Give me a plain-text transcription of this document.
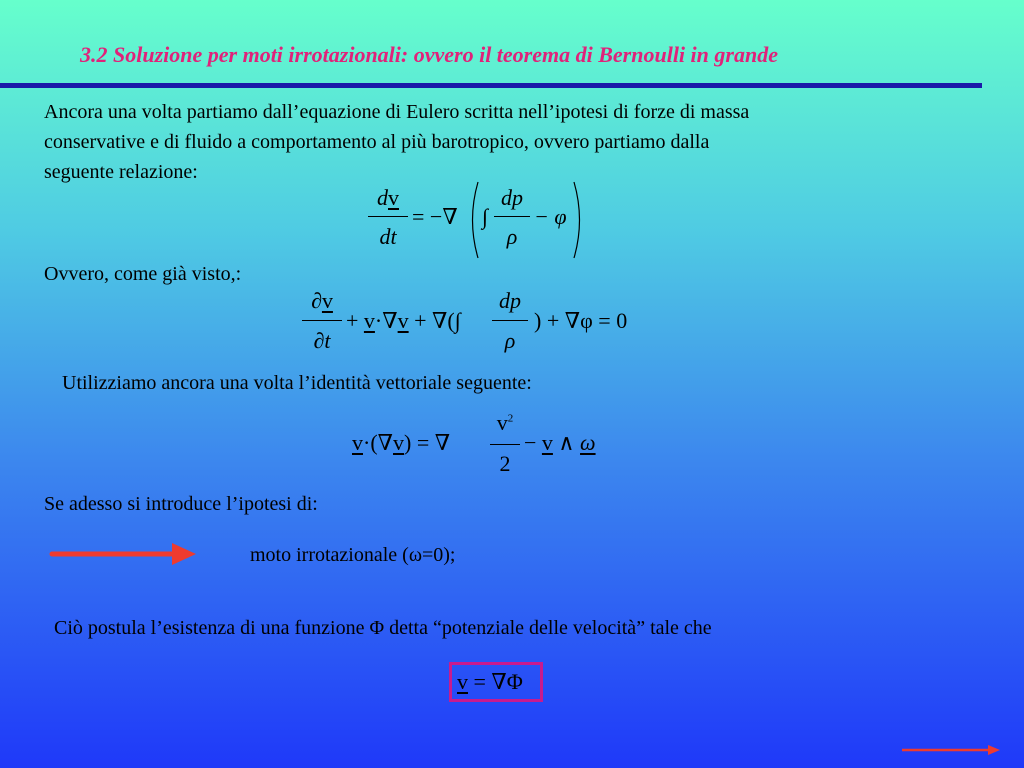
3.2 Soluzione per moti irrotazionali: ovvero il teorema di Bernoulli in grande
Ancora una volta partiamo dall’equazione di Eulero scritta nell’ipotesi di forze di massa
conservative e di fluido a comportamento al più barotropico, ovvero partiamo dalla
seguente relazione:
dv
dt
= −∇ ∫
dp
ρ
− φ
Ovvero, come già visto,:
∂v
∂t
+ v·∇v + ∇(∫
dp
ρ
) + ∇φ = 0
Utilizziamo ancora una volta l’identità vettoriale seguente:
v·(∇v) = ∇
$v^2$
2
− v ∧ ω
Se adesso si introduce l’ipotesi di:
moto irrotazionale (ω=0);
Ciò postula l’esistenza di una funzione Φ detta “potenziale delle velocità” tale che
v = ∇Φ
